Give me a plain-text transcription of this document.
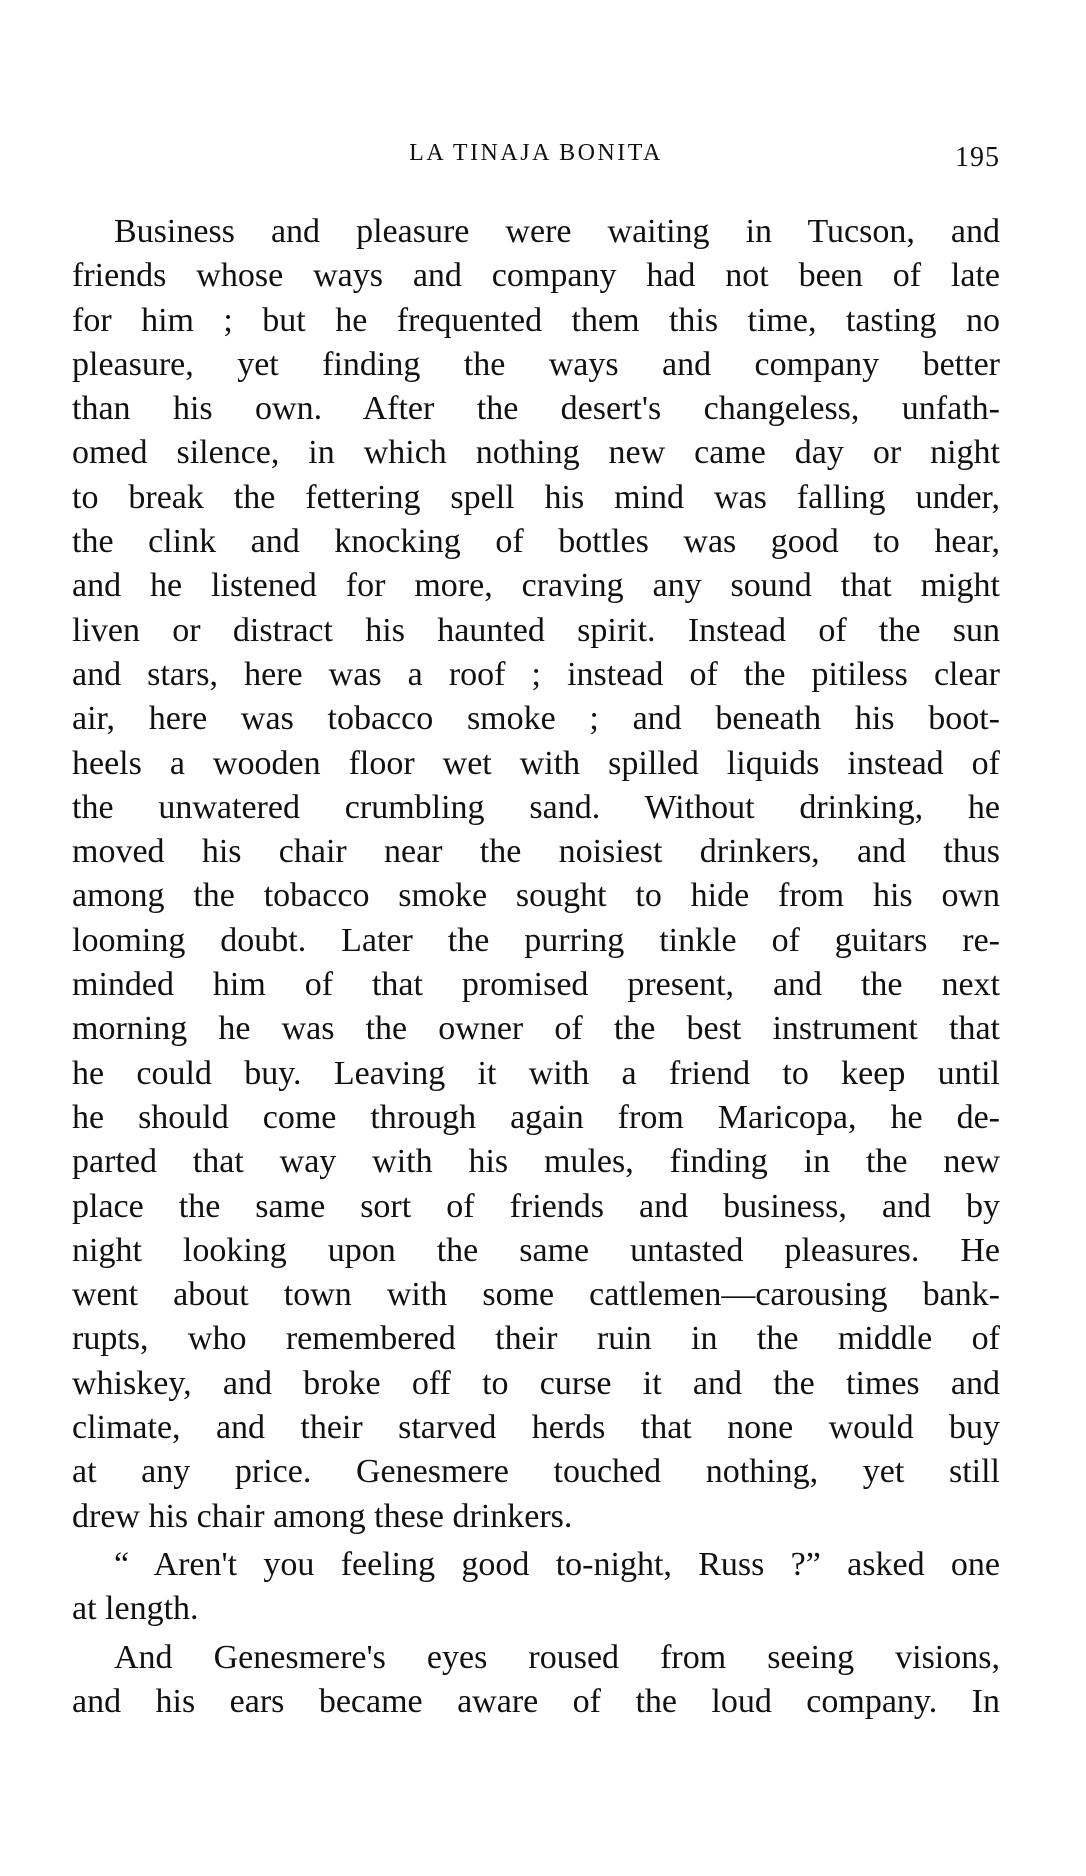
LA TINAJA BONITA	195
Business and pleasure were waiting in Tucson, and
friends whose ways and company had not been of late
for him ; but he frequented them this time, tasting no
pleasure, yet finding the ways and company better
than his own. After the desert's changeless, unfath-
omed silence, in which nothing new came day or night
to break the fettering spell his mind was falling under,
the clink and knocking of bottles was good to hear,
and he listened for more, craving any sound that might
liven or distract his haunted spirit. Instead of the sun
and stars, here was a roof ; instead of the pitiless clear
air, here was tobacco smoke ; and beneath his boot-
heels a wooden floor wet with spilled liquids instead of
the unwatered crumbling sand. Without drinking, he
moved his chair near the noisiest drinkers, and thus
among the tobacco smoke sought to hide from his own
looming doubt. Later the purring tinkle of guitars re-
minded him of that promised present, and the next
morning he was the owner of the best instrument that
he could buy. Leaving it with a friend to keep until
he should come through again from Maricopa, he de-
parted that way with his mules, finding in the new
place the same sort of friends and business, and by
night looking upon the same untasted pleasures. He
went about town with some cattlemen—carousing bank-
rupts, who remembered their ruin in the middle of
whiskey, and broke off to curse it and the times and
climate, and their starved herds that none would buy
at any price. Genesmere touched nothing, yet still
drew his chair among these drinkers.
“ Aren't you feeling good to-night, Russ ?” asked one
at length.
And Genesmere's eyes roused from seeing visions,
and his ears became aware of the loud company. In
